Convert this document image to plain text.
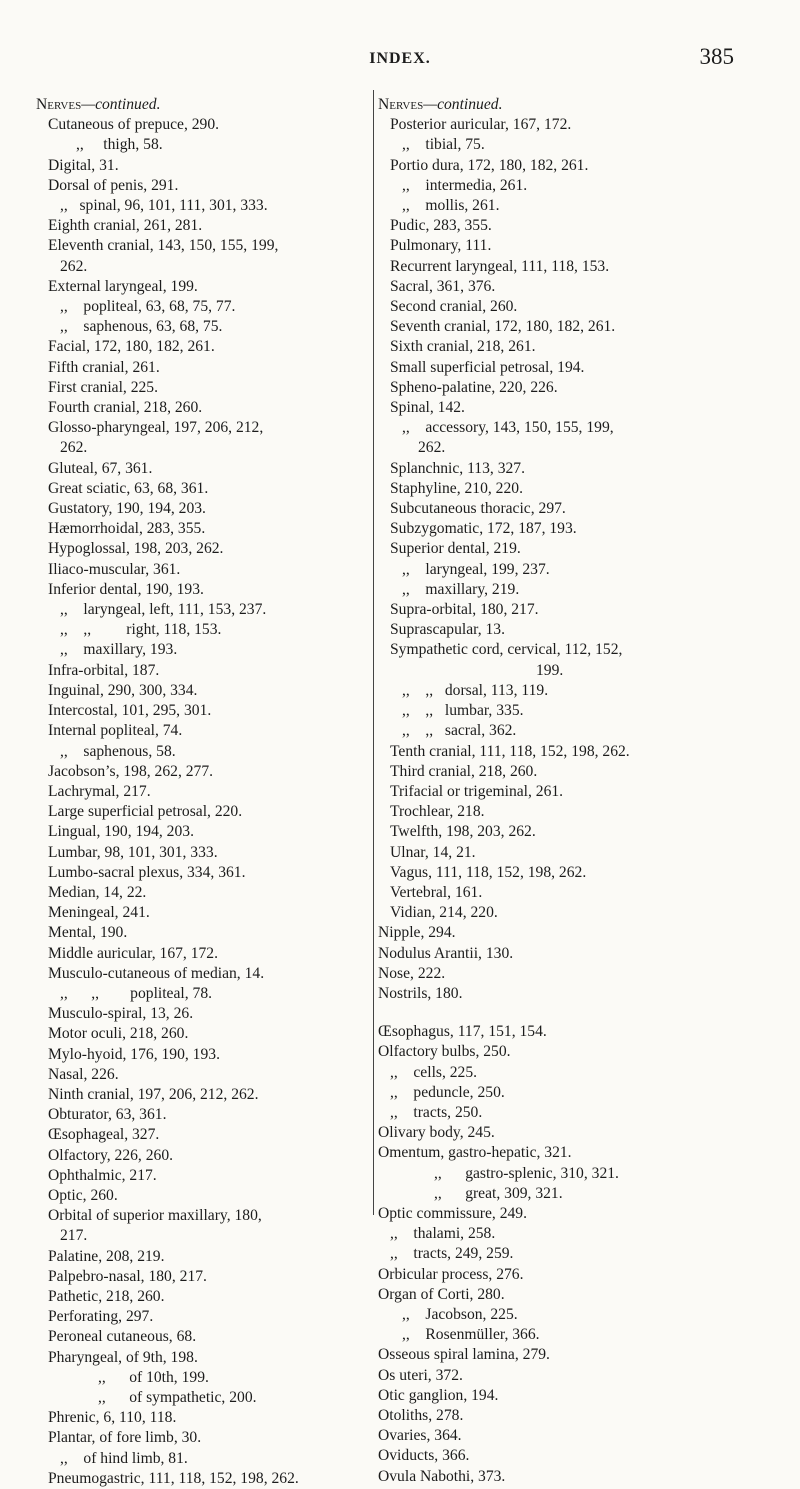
INDEX.	385
Nerves—continued.
Cutaneous of prepuce, 290.
,,     thigh, 58.
Digital, 31.
Dorsal of penis, 291.
,,   spinal, 96, 101, 111, 301, 333.
Eighth cranial, 261, 281.
Eleventh cranial, 143, 150, 155, 199,
262.
External laryngeal, 199.
,,    popliteal, 63, 68, 75, 77.
,,    saphenous, 63, 68, 75.
Facial, 172, 180, 182, 261.
Fifth cranial, 261.
First cranial, 225.
Fourth cranial, 218, 260.
Glosso-pharyngeal, 197, 206, 212,
262.
Gluteal, 67, 361.
Great sciatic, 63, 68, 361.
Gustatory, 190, 194, 203.
Hæmorrhoidal, 283, 355.
Hypoglossal, 198, 203, 262.
Iliaco-muscular, 361.
Inferior dental, 190, 193.
,,    laryngeal, left, 111, 153, 237.
,,    ,,         right, 118, 153.
,,    maxillary, 193.
Infra-orbital, 187.
Inguinal, 290, 300, 334.
Intercostal, 101, 295, 301.
Internal popliteal, 74.
,,    saphenous, 58.
Jacobson’s, 198, 262, 277.
Lachrymal, 217.
Large superficial petrosal, 220.
Lingual, 190, 194, 203.
Lumbar, 98, 101, 301, 333.
Lumbo-sacral plexus, 334, 361.
Median, 14, 22.
Meningeal, 241.
Mental, 190.
Middle auricular, 167, 172.
Musculo-cutaneous of median, 14.
,,      ,,        popliteal, 78.
Musculo-spiral, 13, 26.
Motor oculi, 218, 260.
Mylo-hyoid, 176, 190, 193.
Nasal, 226.
Ninth cranial, 197, 206, 212, 262.
Obturator, 63, 361.
Œsophageal, 327.
Olfactory, 226, 260.
Ophthalmic, 217.
Optic, 260.
Orbital of superior maxillary, 180,
217.
Palatine, 208, 219.
Palpebro-nasal, 180, 217.
Pathetic, 218, 260.
Perforating, 297.
Peroneal cutaneous, 68.
Pharyngeal, of 9th, 198.
,,      of 10th, 199.
,,      of sympathetic, 200.
Phrenic, 6, 110, 118.
Plantar, of fore limb, 30.
,,    of hind limb, 81.
Pneumogastric, 111, 118, 152, 198, 262.
Nerves—continued.
Posterior auricular, 167, 172.
,,    tibial, 75.
Portio dura, 172, 180, 182, 261.
,,    intermedia, 261.
,,    mollis, 261.
Pudic, 283, 355.
Pulmonary, 111.
Recurrent laryngeal, 111, 118, 153.
Sacral, 361, 376.
Second cranial, 260.
Seventh cranial, 172, 180, 182, 261.
Sixth cranial, 218, 261.
Small superficial petrosal, 194.
Spheno-palatine, 220, 226.
Spinal, 142.
,,    accessory, 143, 150, 155, 199,
262.
Splanchnic, 113, 327.
Staphyline, 210, 220.
Subcutaneous thoracic, 297.
Subzygomatic, 172, 187, 193.
Superior dental, 219.
,,    laryngeal, 199, 237.
,,    maxillary, 219.
Supra-orbital, 180, 217.
Suprascapular, 13.
Sympathetic cord, cervical, 112, 152,
199.
,,    ,,   dorsal, 113, 119.
,,    ,,   lumbar, 335.
,,    ,,   sacral, 362.
Tenth cranial, 111, 118, 152, 198, 262.
Third cranial, 218, 260.
Trifacial or trigeminal, 261.
Trochlear, 218.
Twelfth, 198, 203, 262.
Ulnar, 14, 21.
Vagus, 111, 118, 152, 198, 262.
Vertebral, 161.
Vidian, 214, 220.
Nipple, 294.
Nodulus Arantii, 130.
Nose, 222.
Nostrils, 180.
Œsophagus, 117, 151, 154.
Olfactory bulbs, 250.
,,    cells, 225.
,,    peduncle, 250.
,,    tracts, 250.
Olivary body, 245.
Omentum, gastro-hepatic, 321.
,,      gastro-splenic, 310, 321.
,,      great, 309, 321.
Optic commissure, 249.
,,    thalami, 258.
,,    tracts, 249, 259.
Orbicular process, 276.
Organ of Corti, 280.
,,    Jacobson, 225.
,,    Rosenmüller, 366.
Osseous spiral lamina, 279.
Os uteri, 372.
Otic ganglion, 194.
Otoliths, 278.
Ovaries, 364.
Oviducts, 366.
Ovula Nabothi, 373.
